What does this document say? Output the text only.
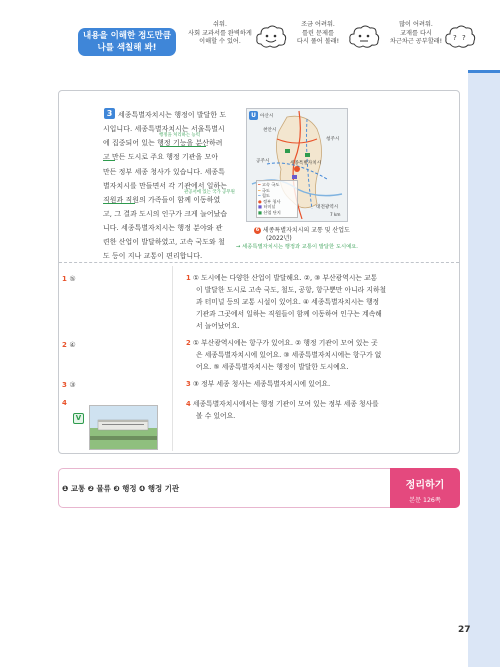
내용을 이해한 정도만큼
나를 색칠해 봐!
쉬워.
사회 교과서를 완벽하게
이해할 수 있어.
조금 어려워.
틀린 문제를
다시 풀어 볼래!
많이 어려워.
교재를 다시
차근차근 공부할래!	? ?
3 세종특별자치시는 행정이 발달한 도
시입니다. 세종특별자치시는 서울특별시
행정을 처리하는 능력
에 집중되어 있는 행정 기능을 분산하려
고 만든 도시로 주요 행정 기관을 모아
만든 정부 세종 청사가 있습니다. 세종특
별자치시를 만들면서 각 기관에서 일하는
관공서에 있는 국가 공무원
직원과 직원의 가족들이 함께 이동하였
고, 그 결과 도시의 인구가 크게 늘어났습
니다. 세종특별자치시는 행정 분야와 관
련한 산업이 발달하였고, 고속 국도와 철
도 등이 지나 교통이 편리합니다.
U 아산시
천안시
청주시
공주시	세종특별자치시
대전광역시
━ 고속 국도
━ 국도
┅ 철도
● 정부 청사
■ 터미널
■ 산업 단지	7 km
6 세종특별자치시의 교통 및 산업도
(2022년)
→ 세종특별자치시는 행정과 교통이 발달한 도시예요.
1 ⑤
2 ④
3 ③
4
V
1 ① 도시에는 다양한 산업이 발달해요. ②, ③ 부산광역시는 교통
이 발달한 도시로 고속 국도, 철도, 공항, 항구뿐만 아니라 지하철
과 터미널 등의 교통 시설이 있어요. ④ 세종특별자치시는 행정
기관과 그곳에서 일하는 직원들이 함께 이동하여 인구는 계속해
서 늘어났어요.
2 ① 부산광역시에는 항구가 있어요. ② 행정 기관이 모여 있는 곳
은 세종특별자치시에 있어요. ③ 세종특별자치시에는 항구가 없
어요. ⑤ 세종특별자치시는 행정이 발달한 도시예요.
3 ③ 정부 세종 청사는 세종특별자치시에 있어요.
4 세종특별자치시에서는 행정 기관이 모여 있는 정부 세종 청사를
볼 수 있어요.
❶ 교통 ❷ 물류 ❸ 행정 ❹ 행정 기관	정리하기
본문 126쪽
27
